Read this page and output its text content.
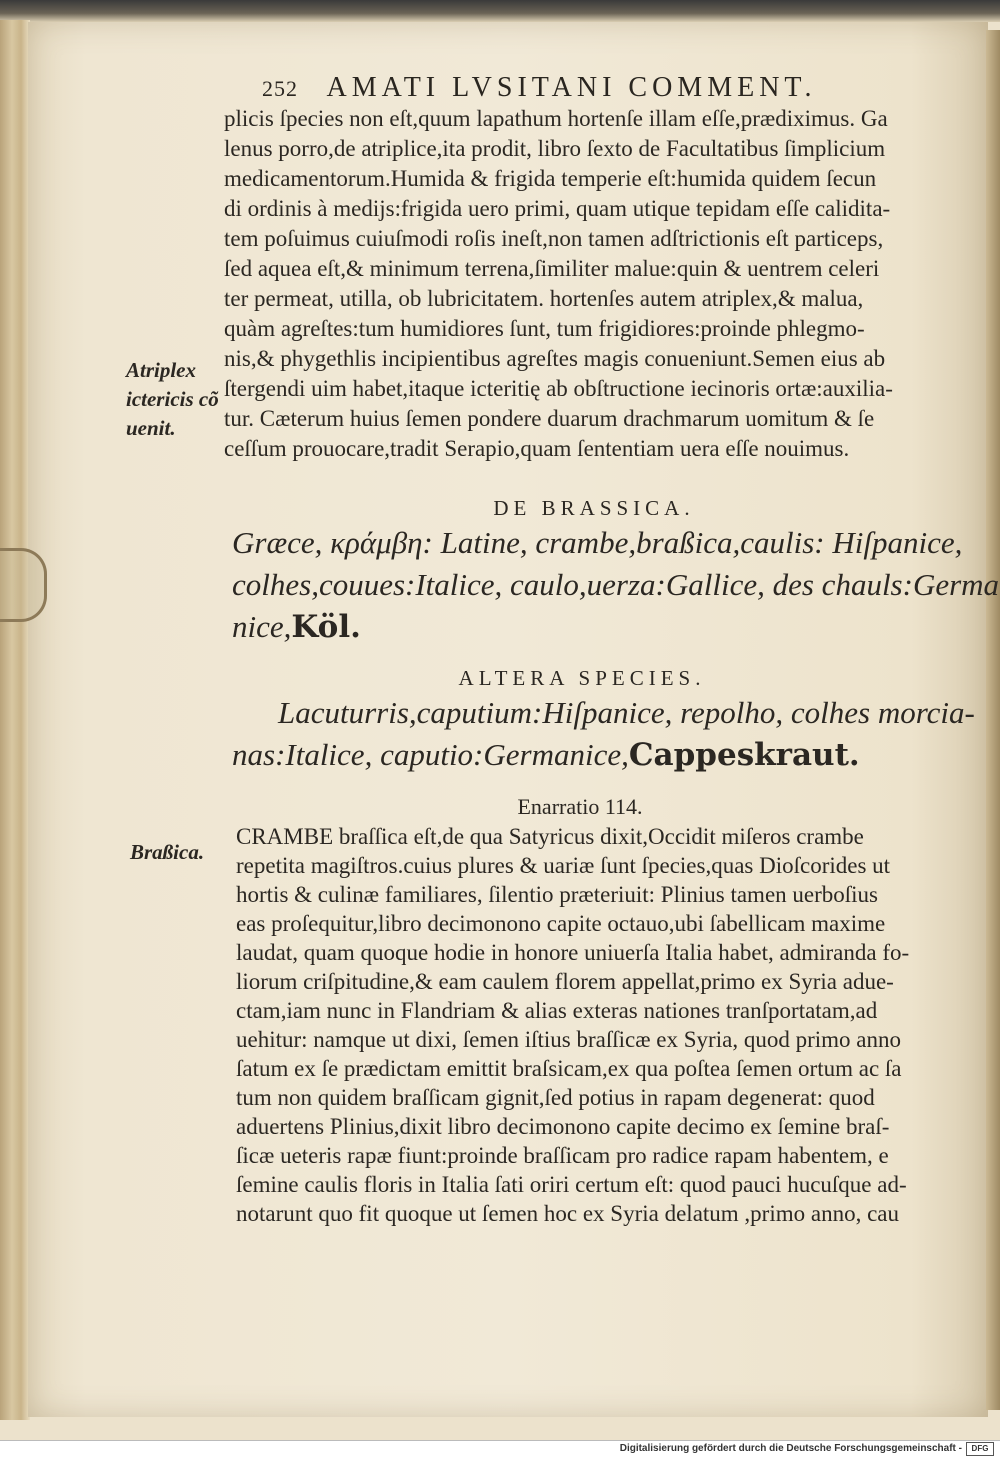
252 AMATI LVSITANI COMMENT.
plicis ſpecies non eſt,quum lapathum hortenſe illam eſſe,prædiximus. Ga
lenus porro,de atriplice,ita prodit, libro ſexto de Facultatibus ſimplicium
medicamentorum.Humida & frigida temperie eſt:humida quidem ſecun
di ordinis à medijs:frigida uero primi, quam utique tepidam eſſe calidita-
tem poſuimus cuiuſmodi roſis ineſt,non tamen adſtrictionis eſt particeps,
ſed aquea eſt,& minimum terrena,ſimiliter malue:quin & uentrem celeri
ter permeat, utilla, ob lubricitatem. hortenſes autem atriplex,& malua,
quàm agreſtes:tum humidiores ſunt, tum frigidiores:proinde phlegmo-
nis,& phygethlis incipientibus agreſtes magis conueniunt.Semen eius ab
ſtergendi uim habet,itaque icteritię ab obſtructione iecinoris ortæ:auxilia-
tur. Cæterum huius ſemen pondere duarum drachmarum uomitum & ſe
ceſſum prouocare,tradit Serapio,quam ſententiam uera eſſe nouimus.
Atriplex
ictericis cõ
uenit.
DE BRASSICA.
Græce, κράμβη: Latine, crambe,braßica,caulis: Hiſpanice,
colhes,couues:Italice, caulo,uerza:Gallice, des chauls:Germa
nice,Köl.
ALTERA SPECIES.
Lacuturris,caputium:Hiſpanice, repolho, colhes morcia-
nas:Italice, caputio:Germanice,Cappeskraut.
Enarratio 114.
Braßica.
CRAMBE braſſica eſt,de qua Satyricus dixit,Occidit miſeros crambe
repetita magiſtros.cuius plures & uariæ ſunt ſpecies,quas Dioſcorides ut
hortis & culinæ familiares, ſilentio præteriuit: Plinius tamen uerboſius
eas proſequitur,libro decimonono capite octauo,ubi ſabellicam maxime
laudat, quam quoque hodie in honore uniuerſa Italia habet, admiranda fo-
liorum criſpitudine,& eam caulem florem appellat,primo ex Syria adue-
ctam,iam nunc in Flandriam & alias exteras nationes tranſportatam,ad
uehitur: namque ut dixi, ſemen iſtius braſſicæ ex Syria, quod primo anno
ſatum ex ſe prædictam emittit braſsicam,ex qua poſtea ſemen ortum ac ſa
tum non quidem braſſicam gignit,ſed potius in rapam degenerat: quod
aduertens Plinius,dixit libro decimonono capite decimo ex ſemine braſ-
ſicæ ueteris rapæ fiunt:proinde braſſicam pro radice rapam habentem, e
ſemine caulis floris in Italia ſati oriri certum eſt: quod pauci hucuſque ad-
notarunt quo fit quoque ut ſemen hoc ex Syria delatum ,primo anno, cau
Digitalisierung gefördert durch die Deutsche Forschungsgemeinschaft -	DFG
